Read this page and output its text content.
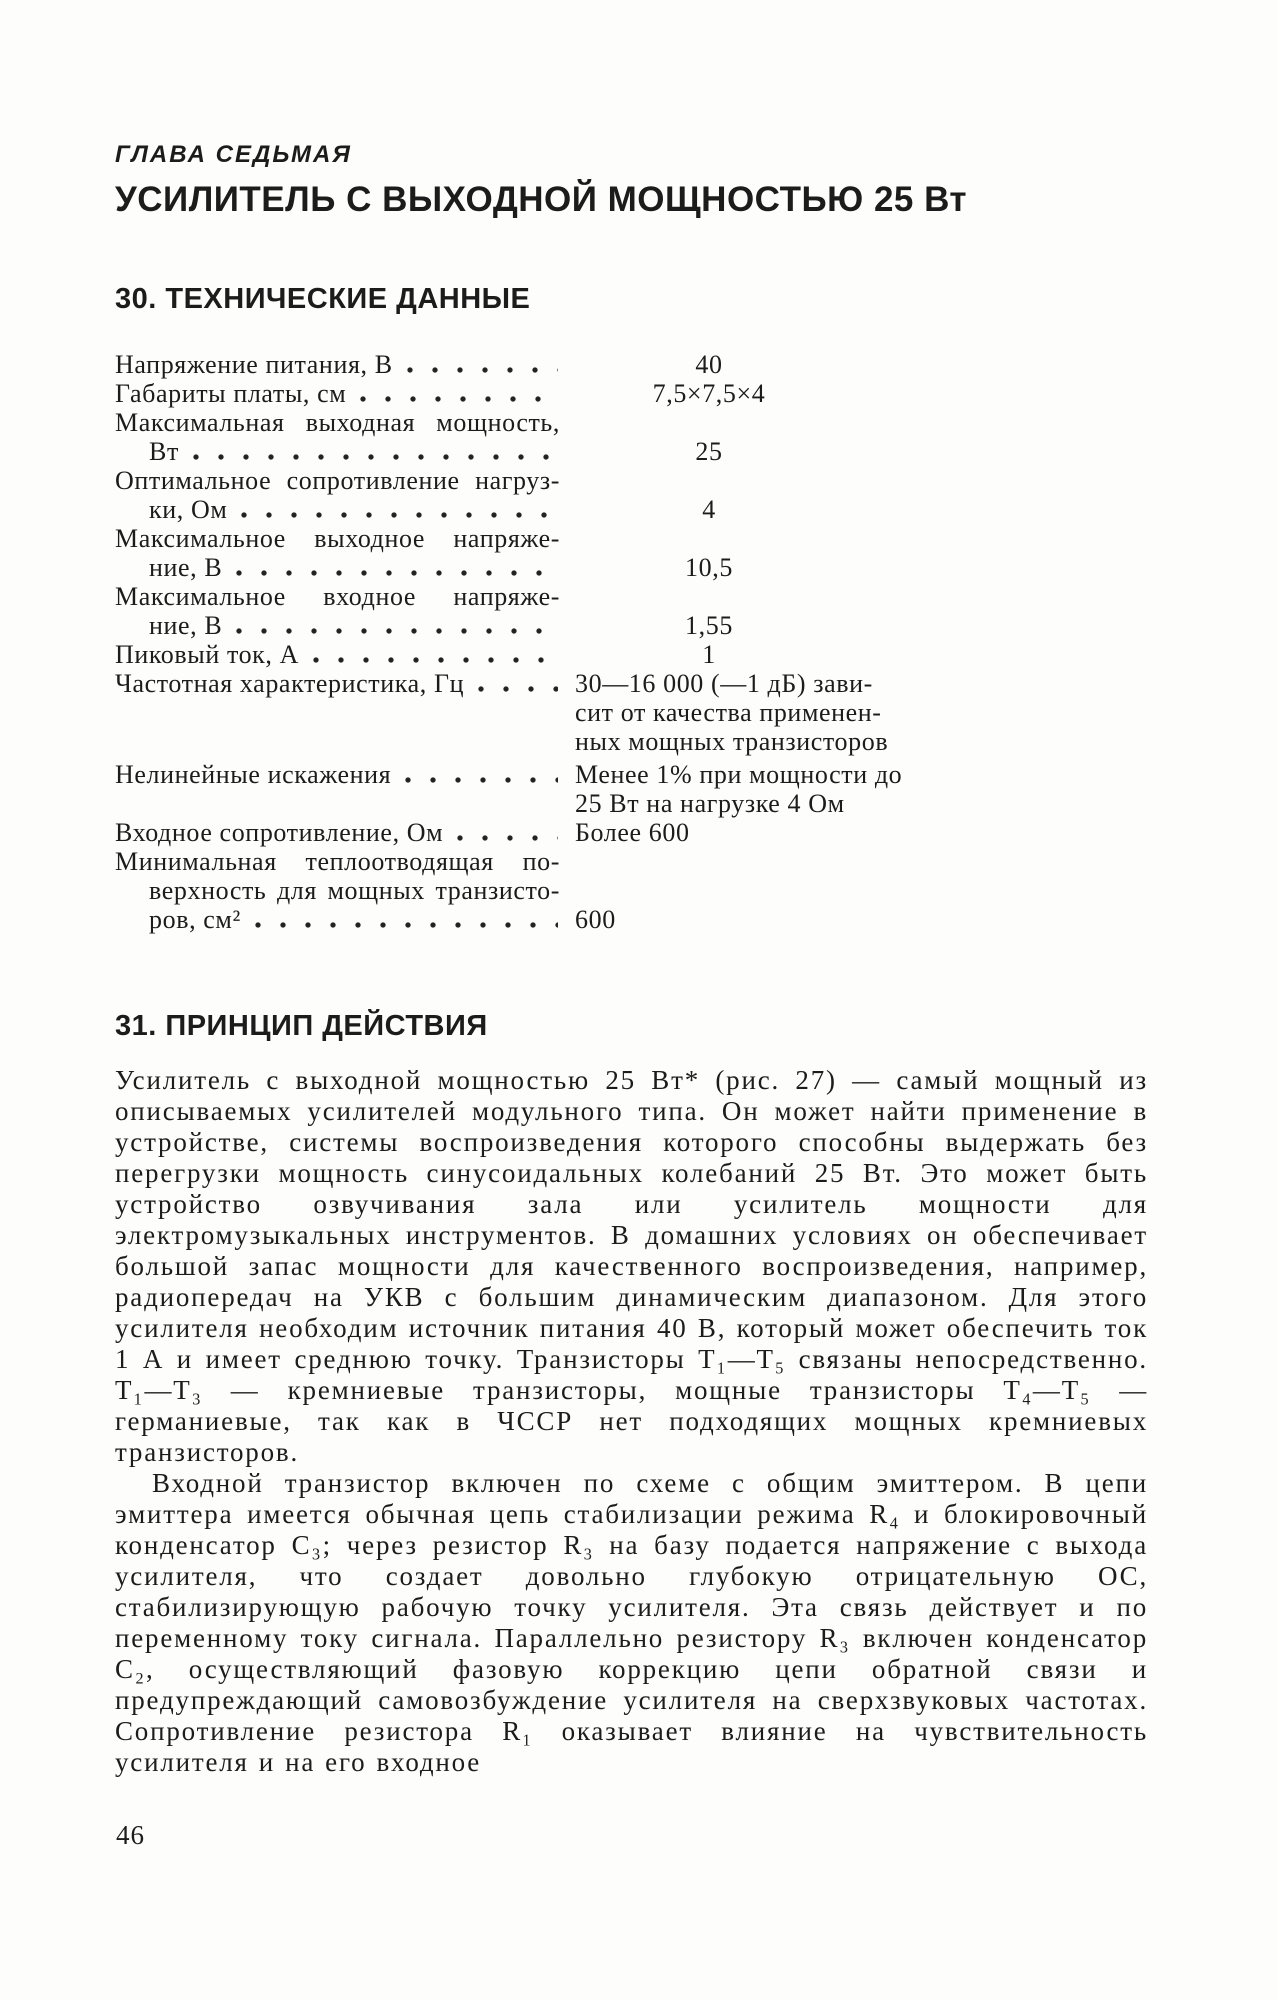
ГЛАВА СЕДЬМАЯ
УСИЛИТЕЛЬ С ВЫХОДНОЙ МОЩНОСТЬЮ 25 Вт
30. ТЕХНИЧЕСКИЕ ДАННЫЕ
Напряжение питания, В	40
Габариты платы, см	7,5×7,5×4
Максимальная выходная мощность,
Вт	25
Оптимальное сопротивление нагруз-
ки, Ом	4
Максимальное выходное напряже-
ние, В	10,5
Максимальное входное напряже-
ние, В	1,55
Пиковый ток, А	1
Частотная характеристика, Гц	30—16 000 (—1 дБ) зави-
сит от качества применен-
ных мощных транзисторов
Нелинейные искажения	Менее 1% при мощности до
25 Вт на нагрузке 4 Ом
Входное сопротивление, Ом	Более 600
Минимальная теплоотводящая по-
верхность для мощных транзисто-
ров, см²	600
31. ПРИНЦИП ДЕЙСТВИЯ

Усилитель с выходной мощностью 25 Вт* (рис. 27) — самый мощный из описываемых усилителей модульного типа. Он может найти применение в устройстве, системы воспроизведения которого способны выдержать без перегрузки мощность синусоидальных колебаний 25 Вт. Это может быть устройство озвучивания зала или усилитель мощности для электромузыкальных инструментов. В домашних условиях он обеспечивает большой запас мощности для качественного воспроизведения, например, радиопередач на УКВ с большим динамическим диапазоном. Для этого усилителя необходим источник питания 40 В, который может обеспечить ток 1 А и имеет среднюю точку. Транзисторы Т₁—Т₅ связаны непосредственно. Т₁—Т₃ — кремниевые транзисторы, мощные транзисторы Т₄—Т₅ — германиевые, так как в ЧССР нет подходящих мощных кремниевых транзисторов.

Входной транзистор включен по схеме с общим эмиттером. В цепи эмиттера имеется обычная цепь стабилизации режима R₄ и блокировочный конденсатор C₃; через резистор R₃ на базу подается напряжение с выхода усилителя, что создает довольно глубокую отрицательную ОС, стабилизирующую рабочую точку усилителя. Эта связь действует и по переменному току сигнала. Параллельно резистору R₃ включен конденсатор C₂, осуществляющий фазовую коррекцию цепи обратной связи и предупреждающий самовозбуждение усилителя на сверхзвуковых частотах. Сопротивление резистора R₁ оказывает влияние на чувствительность усилителя и на его входное

46
